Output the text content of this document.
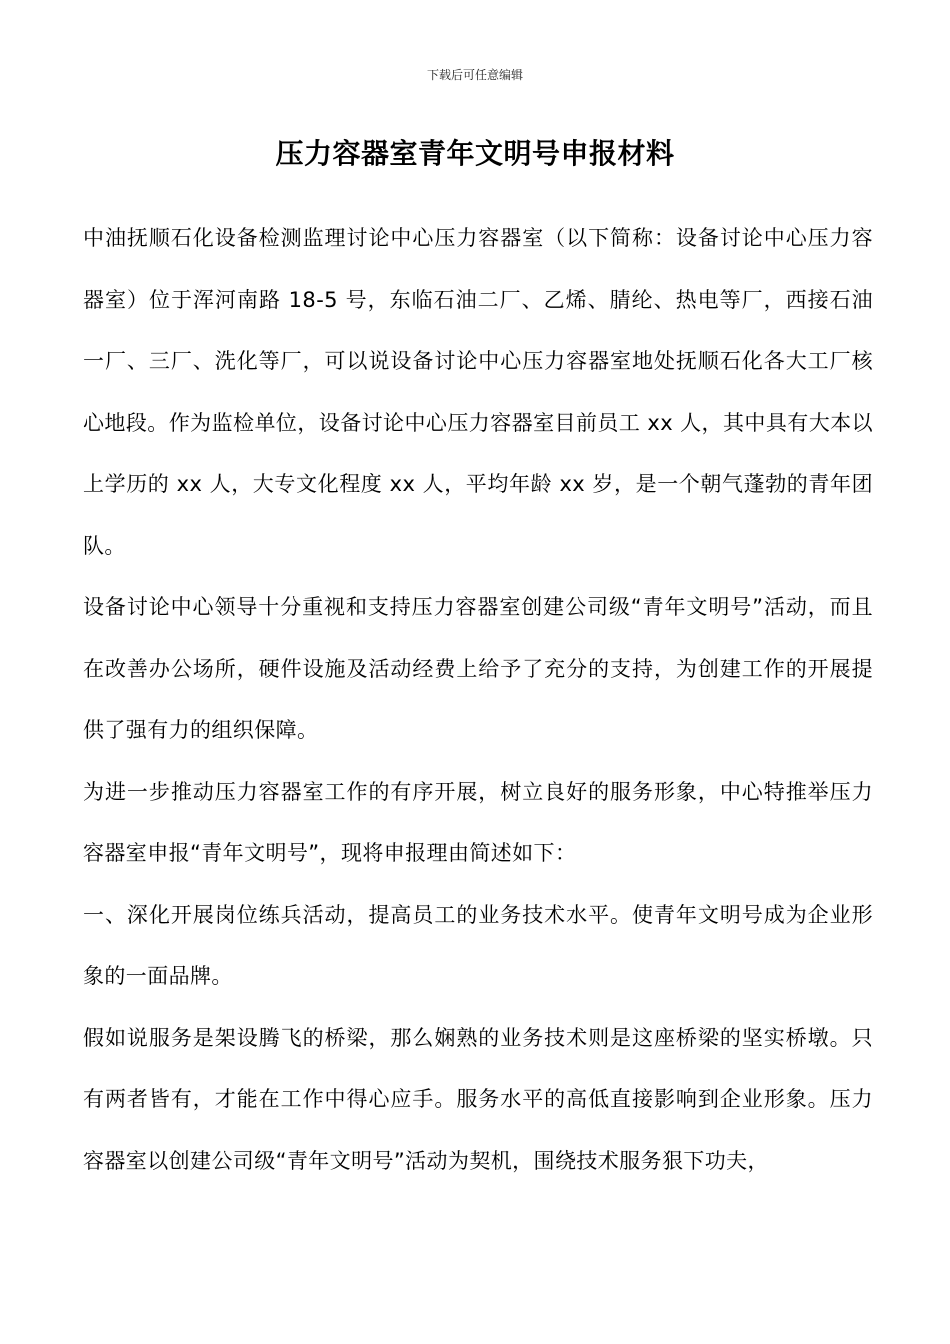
下载后可任意编辑
压力容器室青年文明号申报材料

中油抚顺石化设备检测监理讨论中心压力容器室（以下简称：设备讨论中心压力容器室）位于浑河南路 18-5 号，东临石油二厂、乙烯、腈纶、热电等厂，西接石油一厂、三厂、洗化等厂，可以说设备讨论中心压力容器室地处抚顺石化各大工厂核心地段。作为监检单位，设备讨论中心压力容器室目前员工 xx 人，其中具有大本以上学历的 xx 人，大专文化程度 xx 人，平均年龄 xx 岁，是一个朝气蓬勃的青年团队。

设备讨论中心领导十分重视和支持压力容器室创建公司级“青年文明号”活动，而且在改善办公场所，硬件设施及活动经费上给予了充分的支持，为创建工作的开展提供了强有力的组织保障。

为进一步推动压力容器室工作的有序开展，树立良好的服务形象，中心特推举压力容器室申报“青年文明号”，现将申报理由简述如下：

一、深化开展岗位练兵活动，提高员工的业务技术水平。使青年文明号成为企业形象的一面品牌。

假如说服务是架设腾飞的桥梁，那么娴熟的业务技术则是这座桥梁的坚实桥墩。只有两者皆有，才能在工作中得心应手。服务水平的高低直接影响到企业形象。压力容器室以创建公司级“青年文明号”活动为契机，围绕技术服务狠下功夫，
